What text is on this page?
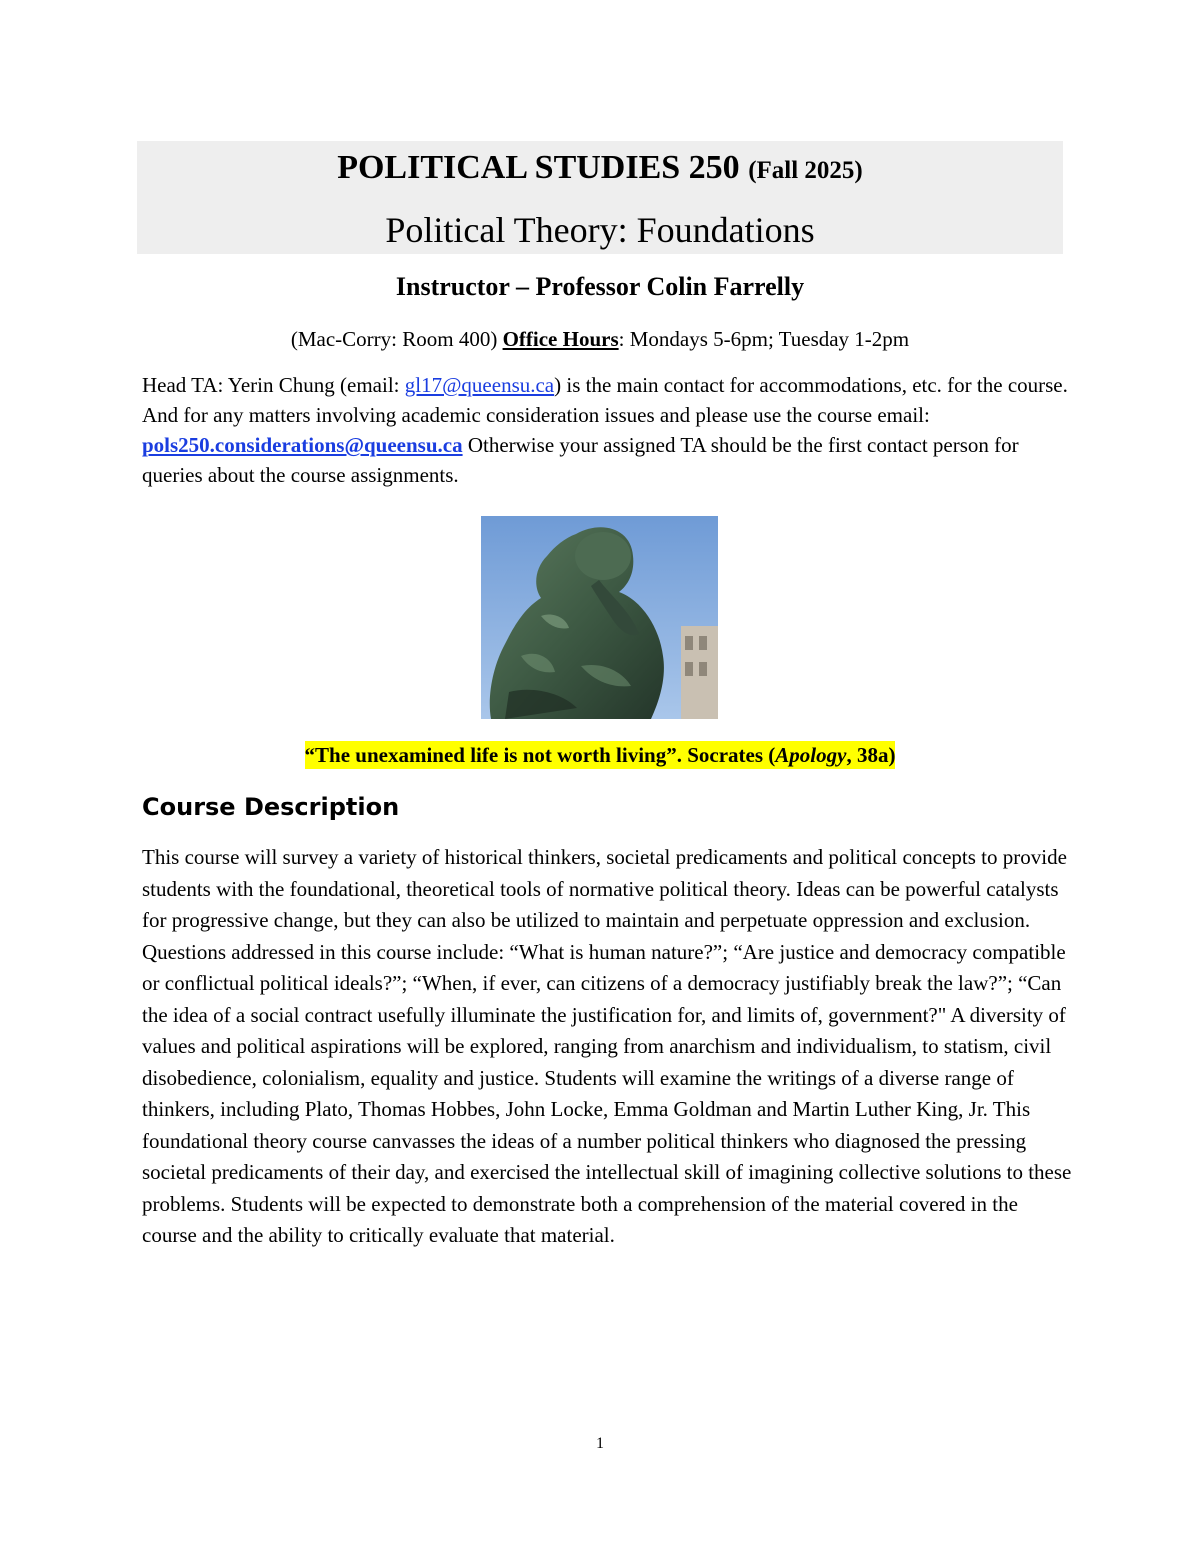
POLITICAL STUDIES 250 (Fall 2025)
Political Theory: Foundations
Instructor – Professor Colin Farrelly
(Mac-Corry: Room 400) Office Hours: Mondays 5-6pm; Tuesday 1-2pm
Head TA: Yerin Chung (email: gl17@queensu.ca) is the main contact for accommodations, etc. for the course. And for any matters involving academic consideration issues and please use the course email: pols250.considerations@queensu.ca Otherwise your assigned TA should be the first contact person for queries about the course assignments.
“The unexamined life is not worth living”. Socrates (Apology, 38a)
Course Description
This course will survey a variety of historical thinkers, societal predicaments and political concepts to provide students with the foundational, theoretical tools of normative political theory. Ideas can be powerful catalysts for progressive change, but they can also be utilized to maintain and perpetuate oppression and exclusion. Questions addressed in this course include: “What is human nature?”; “Are justice and democracy compatible or conflictual political ideals?”; “When, if ever, can citizens of a democracy justifiably break the law?”; “Can the idea of a social contract usefully illuminate the justification for, and limits of, government?" A diversity of values and political aspirations will be explored, ranging from anarchism and individualism, to statism, civil disobedience, colonialism, equality and justice. Students will examine the writings of a diverse range of thinkers, including Plato, Thomas Hobbes, John Locke, Emma Goldman and Martin Luther King, Jr. This foundational theory course canvasses the ideas of a number political thinkers who diagnosed the pressing societal predicaments of their day, and exercised the intellectual skill of imagining collective solutions to these problems. Students will be expected to demonstrate both a comprehension of the material covered in the course and the ability to critically evaluate that material.
1
